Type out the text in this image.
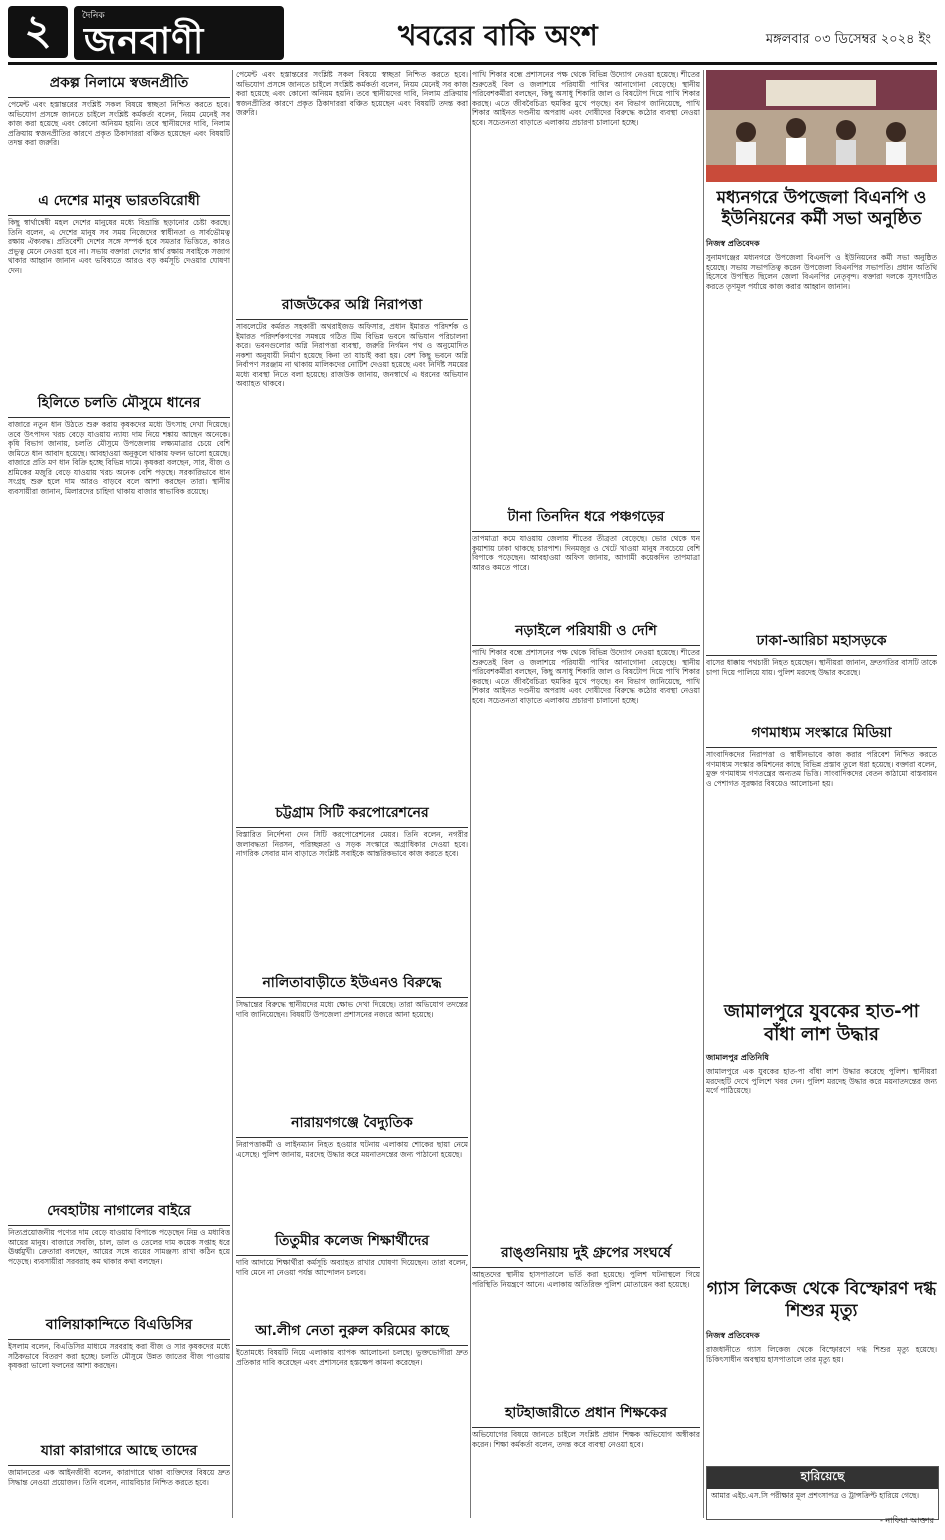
২	দৈনিক
জনবাণী	খবরের বাকি অংশ	মঙ্গলবার ০৩ ডিসেম্বর ২০২৪ ইং
প্রকল্প নিলামে স্বজনপ্রীতি
পেমেন্ট এবং হস্তান্তরের সংশ্লিষ্ট সকল বিষয়ে স্বচ্ছতা নিশ্চিত করতে হবে। অভিযোগ প্রসঙ্গে জানতে চাইলে সংশ্লিষ্ট কর্মকর্তা বলেন, নিয়ম মেনেই সব কাজ করা হয়েছে এবং কোনো অনিয়ম হয়নি। তবে স্থানীয়দের দাবি, নিলাম প্রক্রিয়ায় স্বজনপ্রীতির কারণে প্রকৃত ঠিকাদাররা বঞ্চিত হয়েছেন এবং বিষয়টি তদন্ত করা জরুরি।
এ দেশের মানুষ ভারতবিরোধী
কিছু স্বার্থান্বেষী মহল দেশের মানুষের মধ্যে বিভ্রান্তি ছড়ানোর চেষ্টা করছে। তিনি বলেন, এ দেশের মানুষ সব সময় নিজেদের স্বাধীনতা ও সার্বভৌমত্ব রক্ষায় ঐক্যবদ্ধ। প্রতিবেশী দেশের সঙ্গে সম্পর্ক হবে সমতার ভিত্তিতে, কারও প্রভুত্ব মেনে নেওয়া হবে না। সভায় বক্তারা দেশের স্বার্থ রক্ষায় সবাইকে সজাগ থাকার আহ্বান জানান এবং ভবিষ্যতে আরও বড় কর্মসূচি দেওয়ার ঘোষণা দেন।
হিলিতে চলতি মৌসুমে ধানের
বাজারে নতুন ধান উঠতে শুরু করায় কৃষকদের মধ্যে উৎসাহ দেখা দিয়েছে। তবে উৎপাদন খরচ বেড়ে যাওয়ায় ন্যায্য দাম নিয়ে শঙ্কায় আছেন অনেকে। কৃষি বিভাগ জানায়, চলতি মৌসুমে উপজেলায় লক্ষ্যমাত্রার চেয়ে বেশি জমিতে ধান আবাদ হয়েছে। আবহাওয়া অনুকূলে থাকায় ফলন ভালো হয়েছে। বাজারে প্রতি মণ ধান বিক্রি হচ্ছে বিভিন্ন দামে। কৃষকরা বলছেন, সার, বীজ ও শ্রমিকের মজুরি বেড়ে যাওয়ায় খরচ অনেক বেশি পড়ছে। সরকারিভাবে ধান সংগ্রহ শুরু হলে দাম আরও বাড়বে বলে আশা করছেন তারা। স্থানীয় ব্যবসায়ীরা জানান, মিলারদের চাহিদা থাকায় বাজার স্বাভাবিক রয়েছে।
দেবহাটায় নাগালের বাইরে
নিত্যপ্রয়োজনীয় পণ্যের দাম বেড়ে যাওয়ায় বিপাকে পড়েছেন নিম্ন ও মধ্যবিত্ত আয়ের মানুষ। বাজারে সবজি, চাল, ডাল ও তেলের দাম কয়েক সপ্তাহ ধরে ঊর্ধ্বমুখী। ক্রেতারা বলছেন, আয়ের সঙ্গে ব্যয়ের সামঞ্জস্য রাখা কঠিন হয়ে পড়েছে। ব্যবসায়ীরা সরবরাহ কম থাকার কথা বলছেন।
বালিয়াকান্দিতে বিএডিসির
ইসলাম বলেন, বিএডিসির মাধ্যমে সরবরাহ করা বীজ ও সার কৃষকদের মধ্যে সঠিকভাবে বিতরণ করা হচ্ছে। চলতি মৌসুমে উন্নত জাতের বীজ পাওয়ায় কৃষকরা ভালো ফলনের আশা করছেন।
যারা কারাগারে আছে তাদের
জামানতের এক আইনজীবী বলেন, কারাগারে থাকা ব্যক্তিদের বিষয়ে দ্রুত সিদ্ধান্ত নেওয়া প্রয়োজন। তিনি বলেন, ন্যায়বিচার নিশ্চিত করতে হবে।
পেমেন্ট এবং হস্তান্তরের সংশ্লিষ্ট সকল বিষয়ে স্বচ্ছতা নিশ্চিত করতে হবে। অভিযোগ প্রসঙ্গে জানতে চাইলে সংশ্লিষ্ট কর্মকর্তা বলেন, নিয়ম মেনেই সব কাজ করা হয়েছে এবং কোনো অনিয়ম হয়নি। তবে স্থানীয়দের দাবি, নিলাম প্রক্রিয়ায় স্বজনপ্রীতির কারণে প্রকৃত ঠিকাদাররা বঞ্চিত হয়েছেন এবং বিষয়টি তদন্ত করা জরুরি।
রাজউকের অগ্নি নিরাপত্তা
সাবলেটের কর্মরত সহকারী অথরাইজড অফিসার, প্রধান ইমারত পরিদর্শক ও ইমারত পরিদর্শকগণের সমন্বয়ে গঠিত টিম বিভিন্ন ভবনে অভিযান পরিচালনা করে। ভবনগুলোর অগ্নি নিরাপত্তা ব্যবস্থা, জরুরি নির্গমন পথ ও অনুমোদিত নকশা অনুযায়ী নির্মাণ হয়েছে কিনা তা যাচাই করা হয়। বেশ কিছু ভবনে অগ্নি নির্বাপণ সরঞ্জাম না থাকায় মালিকদের নোটিশ দেওয়া হয়েছে এবং নির্দিষ্ট সময়ের মধ্যে ব্যবস্থা নিতে বলা হয়েছে। রাজউক জানায়, জনস্বার্থে এ ধরনের অভিযান অব্যাহত থাকবে।
চট্টগ্রাম সিটি করপোরেশনের
বিস্তারিত নির্দেশনা দেন সিটি করপোরেশনের মেয়র। তিনি বলেন, নগরীর জলাবদ্ধতা নিরসন, পরিচ্ছন্নতা ও সড়ক সংস্কারে অগ্রাধিকার দেওয়া হবে। নাগরিক সেবার মান বাড়াতে সংশ্লিষ্ট সবাইকে আন্তরিকভাবে কাজ করতে হবে।
নালিতাবাড়ীতে ইউএনও বিরুদ্ধে
সিদ্ধান্তের বিরুদ্ধে স্থানীয়দের মধ্যে ক্ষোভ দেখা দিয়েছে। তারা অভিযোগ তদন্তের দাবি জানিয়েছেন। বিষয়টি উপজেলা প্রশাসনের নজরে আনা হয়েছে।
নারায়ণগঞ্জে বৈদ্যুতিক
নিরাপত্তাকর্মী ও লাইনম্যান নিহত হওয়ার ঘটনায় এলাকায় শোকের ছায়া নেমে এসেছে। পুলিশ জানায়, মরদেহ উদ্ধার করে ময়নাতদন্তের জন্য পাঠানো হয়েছে।
তিতুমীর কলেজ শিক্ষার্থীদের
দাবি আদায়ে শিক্ষার্থীরা কর্মসূচি অব্যাহত রাখার ঘোষণা দিয়েছেন। তারা বলেন, দাবি মেনে না নেওয়া পর্যন্ত আন্দোলন চলবে।
আ.লীগ নেতা নুরুল করিমের কাছে
ইতোমধ্যে বিষয়টি নিয়ে এলাকায় ব্যাপক আলোচনা চলছে। ভুক্তভোগীরা দ্রুত প্রতিকার দাবি করেছেন এবং প্রশাসনের হস্তক্ষেপ কামনা করেছেন।
পাখি শিকার বন্ধে প্রশাসনের পক্ষ থেকে বিভিন্ন উদ্যোগ নেওয়া হয়েছে। শীতের শুরুতেই বিল ও জলাশয়ে পরিযায়ী পাখির আনাগোনা বেড়েছে। স্থানীয় পরিবেশকর্মীরা বলছেন, কিছু অসাধু শিকারি জাল ও বিষটোপ দিয়ে পাখি শিকার করছে। এতে জীববৈচিত্র্য হুমকির মুখে পড়ছে। বন বিভাগ জানিয়েছে, পাখি শিকার আইনত দণ্ডনীয় অপরাধ এবং দোষীদের বিরুদ্ধে কঠোর ব্যবস্থা নেওয়া হবে। সচেতনতা বাড়াতে এলাকায় প্রচারণা চালানো হচ্ছে।
টানা তিনদিন ধরে পঞ্চগড়ের
তাপমাত্রা কমে যাওয়ায় জেলায় শীতের তীব্রতা বেড়েছে। ভোর থেকে ঘন কুয়াশায় ঢাকা থাকছে চারপাশ। দিনমজুর ও খেটে খাওয়া মানুষ সবচেয়ে বেশি বিপাকে পড়েছেন। আবহাওয়া অফিস জানায়, আগামী কয়েকদিন তাপমাত্রা আরও কমতে পারে।
নড়াইলে পরিযায়ী ও দেশি
পাখি শিকার বন্ধে প্রশাসনের পক্ষ থেকে বিভিন্ন উদ্যোগ নেওয়া হয়েছে। শীতের শুরুতেই বিল ও জলাশয়ে পরিযায়ী পাখির আনাগোনা বেড়েছে। স্থানীয় পরিবেশকর্মীরা বলছেন, কিছু অসাধু শিকারি জাল ও বিষটোপ দিয়ে পাখি শিকার করছে। এতে জীববৈচিত্র্য হুমকির মুখে পড়ছে। বন বিভাগ জানিয়েছে, পাখি শিকার আইনত দণ্ডনীয় অপরাধ এবং দোষীদের বিরুদ্ধে কঠোর ব্যবস্থা নেওয়া হবে। সচেতনতা বাড়াতে এলাকায় প্রচারণা চালানো হচ্ছে।
রাঙ্গুনিয়ায় দুই গ্রুপের সংঘর্ষে
আহতদের স্থানীয় হাসপাতালে ভর্তি করা হয়েছে। পুলিশ ঘটনাস্থলে গিয়ে পরিস্থিতি নিয়ন্ত্রণে আনে। এলাকায় অতিরিক্ত পুলিশ মোতায়েন করা হয়েছে।
হাটহাজারীতে প্রধান শিক্ষকের
অভিযোগের বিষয়ে জানতে চাইলে সংশ্লিষ্ট প্রধান শিক্ষক অভিযোগ অস্বীকার করেন। শিক্ষা কর্মকর্তা বলেন, তদন্ত করে ব্যবস্থা নেওয়া হবে।
মধ্যনগরে উপজেলা বিএনপি ও ইউনিয়নের কর্মী সভা অনুষ্ঠিত
নিজস্ব প্রতিবেদক
সুনামগঞ্জের মধ্যনগরে উপজেলা বিএনপি ও ইউনিয়নের কর্মী সভা অনুষ্ঠিত হয়েছে। সভায় সভাপতিত্ব করেন উপজেলা বিএনপির সভাপতি। প্রধান অতিথি হিসেবে উপস্থিত ছিলেন জেলা বিএনপির নেতৃবৃন্দ। বক্তারা দলকে সুসংগঠিত করতে তৃণমূল পর্যায়ে কাজ করার আহ্বান জানান।
ঢাকা-আরিচা মহাসড়কে
বাসের ধাক্কায় পথচারী নিহত হয়েছেন। স্থানীয়রা জানান, দ্রুতগতির বাসটি তাকে চাপা দিয়ে পালিয়ে যায়। পুলিশ মরদেহ উদ্ধার করেছে।
গণমাধ্যম সংস্কারে মিডিয়া
সাংবাদিকদের নিরাপত্তা ও স্বাধীনভাবে কাজ করার পরিবেশ নিশ্চিত করতে গণমাধ্যম সংস্কার কমিশনের কাছে বিভিন্ন প্রস্তাব তুলে ধরা হয়েছে। বক্তারা বলেন, মুক্ত গণমাধ্যম গণতন্ত্রের অন্যতম ভিত্তি। সাংবাদিকদের বেতন কাঠামো বাস্তবায়ন ও পেশাগত সুরক্ষার বিষয়েও আলোচনা হয়।
জামালপুরে যুবকের হাত-পা বাঁধা লাশ উদ্ধার
জামালপুর প্রতিনিধি
জামালপুরে এক যুবকের হাত-পা বাঁধা লাশ উদ্ধার করেছে পুলিশ। স্থানীয়রা মরদেহটি দেখে পুলিশে খবর দেন। পুলিশ মরদেহ উদ্ধার করে ময়নাতদন্তের জন্য মর্গে পাঠিয়েছে।
গ্যাস লিকেজ থেকে বিস্ফোরণ দগ্ধ শিশুর মৃত্যু
নিজস্ব প্রতিবেদক
রাজধানীতে গ্যাস লিকেজ থেকে বিস্ফোরণে দগ্ধ শিশুর মৃত্যু হয়েছে। চিকিৎসাধীন অবস্থায় হাসপাতালে তার মৃত্যু হয়।
হারিয়েছে
আমার এইচ.এস.সি পরীক্ষার মূল প্রশংসাপত্র ও ট্রান্সক্রিপ্ট হারিয়ে গেছে।
- নাফিয়া আক্তার
